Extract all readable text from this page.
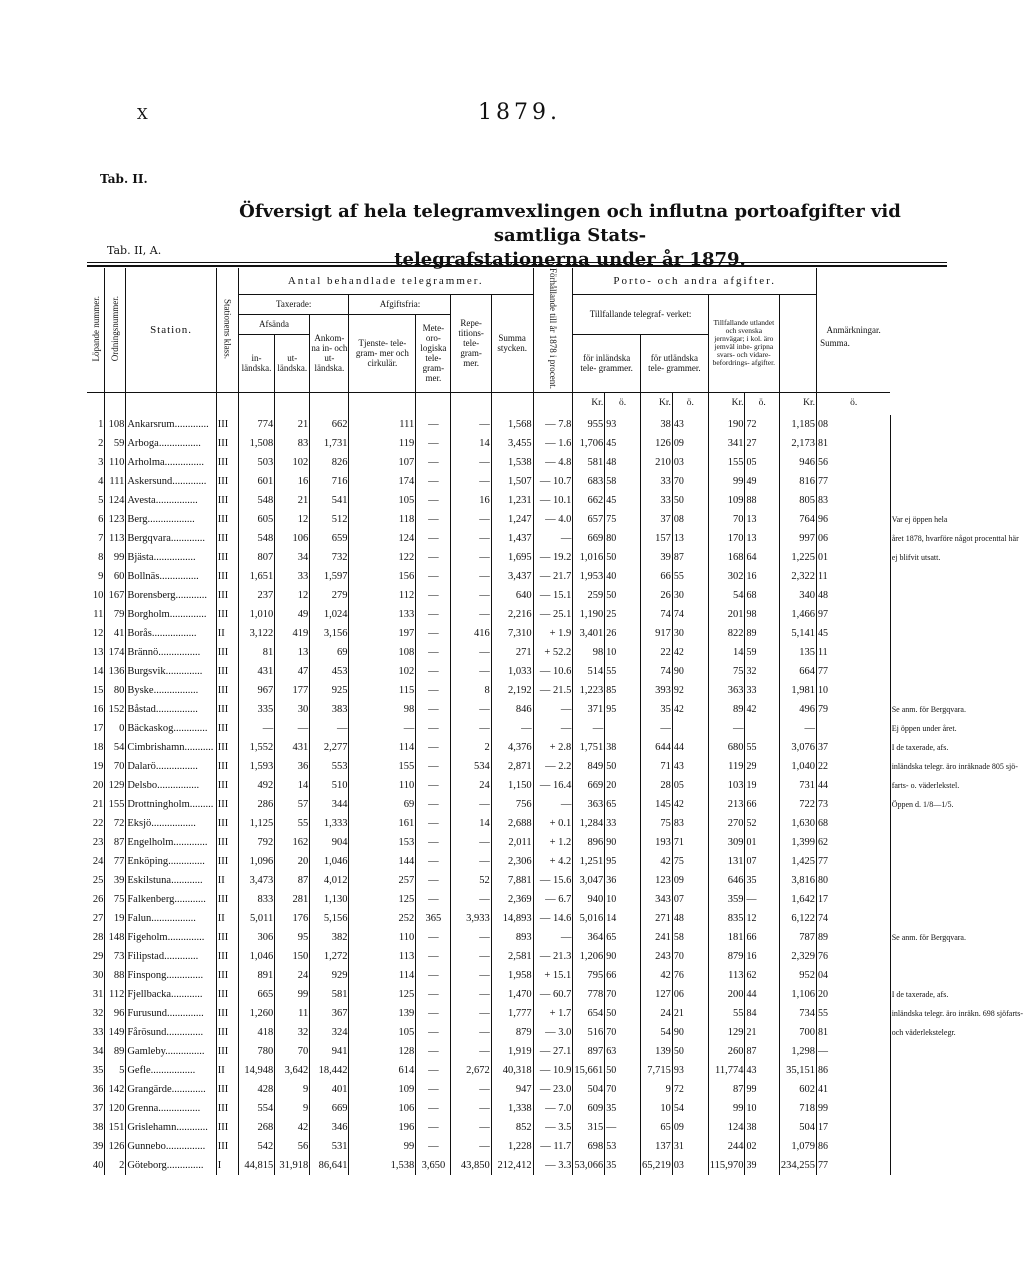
X	1879.
Tab. II.
Öfversigt af hela telegramvexlingen och influtna portoafgifter vid samtliga Stats-
telegrafstationerna under år 1879.
Tab. II, A.
Löpande nummer.	Ordningsnummer.	Station.	Stationens klass.	Antal behandlade telegrammer.							Förhållande till år 1878 i procent.	Porto- och andra afgifter.							Anmärkningar.	
				Taxerade:			Afgiftsfria:		Repe- titions- tele- gram- mer.	Summa stycken.		Tillfallande telegraf- verket:				Tillfallande utlandet och svenska jernvägar; i kol. äro jemväl inbe- gripna svars- och vidare- befordrings- afgifter.		Summa.		
				Afsända		Ankom- na in- och ut- ländska.	Tjenste- tele- gram- mer och cirkulär.	Mete- oro- logiska tele- gram- mer.												
				in- ländska.	ut- ländska.							för inländska tele- grammer.		för utländska tele- grammer.						
												Kr.	ö.	Kr.	ö.	Kr.	ö.	Kr.	ö.	
1	108	Ankarsrum.............	III	774	21	662	111	—	—	1,568	— 7.8	955	93	38	43	190	72	1,185	08	
2	59	Arboga................	III	1,508	83	1,731	119	—	14	3,455	— 1.6	1,706	45	126	09	341	27	2,173	81	
3	110	Arholma...............	III	503	102	826	107	—	—	1,538	— 4.8	581	48	210	03	155	05	946	56	
4	111	Askersund.............	III	601	16	716	174	—	—	1,507	— 10.7	683	58	33	70	99	49	816	77	
5	124	Avesta................	III	548	21	541	105	—	16	1,231	— 10.1	662	45	33	50	109	88	805	83	
6	123	Berg..................	III	605	12	512	118	—	—	1,247	— 4.0	657	75	37	08	70	13	764	96	Var ej öppen hela
7	113	Bergqvara.............	III	548	106	659	124	—	—	1,437	—	669	80	157	13	170	13	997	06	året 1878, hvarföre något procenttal här
8	99	Bjästa................	III	807	34	732	122	—	—	1,695	— 19.2	1,016	50	39	87	168	64	1,225	01	ej blifvit utsatt.
9	60	Bollnäs...............	III	1,651	33	1,597	156	—	—	3,437	— 21.7	1,953	40	66	55	302	16	2,322	11	
10	167	Borensberg............	III	237	12	279	112	—	—	640	— 15.1	259	50	26	30	54	68	340	48	
11	79	Borgholm..............	III	1,010	49	1,024	133	—	—	2,216	— 25.1	1,190	25	74	74	201	98	1,466	97	
12	41	Borås.................	II	3,122	419	3,156	197	—	416	7,310	+ 1.9	3,401	26	917	30	822	89	5,141	45	
13	174	Brännö................	III	81	13	69	108	—	—	271	+ 52.2	98	10	22	42	14	59	135	11	
14	136	Burgsvik..............	III	431	47	453	102	—	—	1,033	— 10.6	514	55	74	90	75	32	664	77	
15	80	Byske.................	III	967	177	925	115	—	8	2,192	— 21.5	1,223	85	393	92	363	33	1,981	10	
16	152	Båstad................	III	335	30	383	98	—	—	846	—	371	95	35	42	89	42	496	79	Se anm. för Bergqvara.
17	0	Bäckaskog.............	III	—	—	—	—	—	—	—	—	—		—		—		—		Ej öppen under året.
18	54	Cimbrishamn...........	III	1,552	431	2,277	114	—	2	4,376	+ 2.8	1,751	38	644	44	680	55	3,076	37	I de taxerade, afs.
19	70	Dalarö................	III	1,593	36	553	155	—	534	2,871	— 2.2	849	50	71	43	119	29	1,040	22	inländska telegr. äro inräknade 805 sjö-
20	129	Delsbo................	III	492	14	510	110	—	24	1,150	— 16.4	669	20	28	05	103	19	731	44	farts- o. väderlekstel.
21	155	Drottningholm.........	III	286	57	344	69	—	—	756	—	363	65	145	42	213	66	722	73	Öppen d. 1/8—1/5.
22	72	Eksjö.................	III	1,125	55	1,333	161	—	14	2,688	+ 0.1	1,284	33	75	83	270	52	1,630	68	
23	87	Engelholm.............	III	792	162	904	153	—	—	2,011	+ 1.2	896	90	193	71	309	01	1,399	62	
24	77	Enköping..............	III	1,096	20	1,046	144	—	—	2,306	+ 4.2	1,251	95	42	75	131	07	1,425	77	
25	39	Eskilstuna............	II	3,473	87	4,012	257	—	52	7,881	— 15.6	3,047	36	123	09	646	35	3,816	80	
26	75	Falkenberg............	III	833	281	1,130	125	—	—	2,369	— 6.7	940	10	343	07	359	—	1,642	17	
27	19	Falun.................	II	5,011	176	5,156	252	365	3,933	14,893	— 14.6	5,016	14	271	48	835	12	6,122	74	
28	148	Figeholm..............	III	306	95	382	110	—	—	893	—	364	65	241	58	181	66	787	89	Se anm. för Bergqvara.
29	73	Filipstad.............	III	1,046	150	1,272	113	—	—	2,581	— 21.3	1,206	90	243	70	879	16	2,329	76	
30	88	Finspong..............	III	891	24	929	114	—	—	1,958	+ 15.1	795	66	42	76	113	62	952	04	
31	112	Fjellbacka............	III	665	99	581	125	—	—	1,470	— 60.7	778	70	127	06	200	44	1,106	20	I de taxerade, afs.
32	96	Furusund..............	III	1,260	11	367	139	—	—	1,777	+ 1.7	654	50	24	21	55	84	734	55	inländska telegr. äro inräkn. 698 sjöfarts-
33	149	Fårösund..............	III	418	32	324	105	—	—	879	— 3.0	516	70	54	90	129	21	700	81	och väderlekstelegr.
34	89	Gamleby...............	III	780	70	941	128	—	—	1,919	— 27.1	897	63	139	50	260	87	1,298	—	
35	5	Gefle.................	II	14,948	3,642	18,442	614	—	2,672	40,318	— 10.9	15,661	50	7,715	93	11,774	43	35,151	86	
36	142	Grangärde.............	III	428	9	401	109	—	—	947	— 23.0	504	70	9	72	87	99	602	41	
37	120	Grenna................	III	554	9	669	106	—	—	1,338	— 7.0	609	35	10	54	99	10	718	99	
38	151	Grislehamn............	III	268	42	346	196	—	—	852	— 3.5	315	—	65	09	124	38	504	17	
39	126	Gunnebo...............	III	542	56	531	99	—	—	1,228	— 11.7	698	53	137	31	244	02	1,079	86	
40	2	Göteborg..............	I	44,815	31,918	86,641	1,538	3,650	43,850	212,412	— 3.3	53,066	35	65,219	03	115,970	39	234,255	77	
